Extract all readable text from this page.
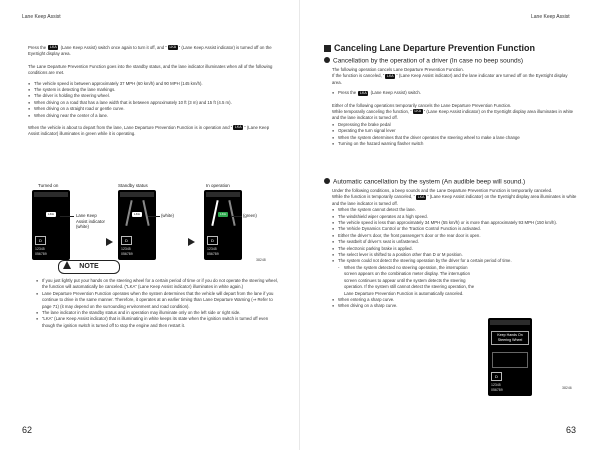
Lane Keep Assist	Lane Keep Assist

Press the LKA (Lane Keep Assist) switch once again to turn it off, and “ LKA ” (Lane Keep Assist indicator) is turned off on the EyeSight display area.

The Lane Departure Prevention Function goes into the standby status, and the lane indicator illuminates when all of the following conditions are met.

● The vehicle speed is between approximately 37 MPH (60 km/h) and 90 MPH (145 km/h).
● The system is detecting the lane markings.
● The driver is holding the steering wheel.
● When driving on a road that has a lane width that is between approximately 10 ft (3 m) and 15 ft (4.5 m).
● When driving on a straight road or gentle curve.
● When driving near the center of a lane.

When the vehicle is about to depart from the lane, Lane Departure Prevention Function is in operation and “ LKA ” (Lane Keep Assist indicator) illuminates in green while it is operating.

Turned on	Standby status	In operation
LKA
D
12345
056789
Lane Keep Assist indicator (white)
LKA
D
12345
056789
(white)	LKA
D
12345
056789
(green)
38248
NOTE
● If you just lightly put your hands on the steering wheel for a certain period of time or if you do not operate the steering wheel, the function will automatically be canceled. (“LKA” (Lane Keep Assist indicator) illuminates in white again.)
● Lane Departure Prevention Function operates when the system determines that the vehicle will depart from the lane if you continue to drive in the same manner. Therefore, it operates at an earlier timing than Lane Departure Warning (⇒ Refer to page 71) (it may depend on the surrounding environment and road condition).
● The lane indicator in the standby status and in operation may illuminate only on the left side or right side.
● “LKA” (Lane Keep Assist indicator) that is illuminating in white keeps its state when the ignition switch is turned off even though the ignition switch is turned off to stop the engine and then restart it.
62
Canceling Lane Departure Prevention Function
Cancellation by the operation of a driver (In case no beep sounds)

The following operation cancels Lane Departure Prevention Function.

If the function is canceled, “ LKA ” (Lane Keep Assist indicator) and the lane indicator are turned off on the EyeSight display area.

● Press the LKA (Lane Keep Assist) switch.

Either of the following operations temporarily cancels the Lane Departure Prevention Function.

While temporarily canceling the function, “ LKA ” (Lane Keep Assist indicator) on the EyeSight display area illuminates in white and the lane indicator is turned off.

● Depressing the brake pedal
● Operating the turn signal lever
● When the system determines that the driver operates the steering wheel to make a lane change
● Turning on the hazard warning flasher switch
Automatic cancellation by the system (An audible beep will sound.)

Under the following conditions, a beep sounds and the Lane Departure Prevention Function is temporarily canceled.

While the function is temporarily canceled, “ LKA ” (Lane Keep Assist indicator) on the EyeSight display area illuminates in white and the lane indicator is turned off.

● When the system cannot detect the lane.
● The windshield wiper operates at a high speed.
● The vehicle speed is less than approximately 34 MPH (55 km/h) or is more than approximately 93 MPH (150 km/h).
● The Vehicle Dynamics Control or the Traction Control Function is activated.
● Either the driver’s door, the front passenger’s door or the rear door is open.
● The seatbelt of driver’s seat is unfastened.
● The electronic parking brake is applied.
● The select lever is shifted to a position other than D or M position.
● The system could not detect the steering operation by the driver for a certain period of time.
- When the system detected no steering operation, the interruption screen appears on the combination meter display. The interruption screen continues to appear until the system detects the steering operation. If the system still cannot detect the steering operation, the Lane Departure Prevention Function is automatically canceled.
● When entering a sharp curve.
● When driving on a sharp curve.
Keep Hands On Steering Wheel
D
12345
056789	38246
63
